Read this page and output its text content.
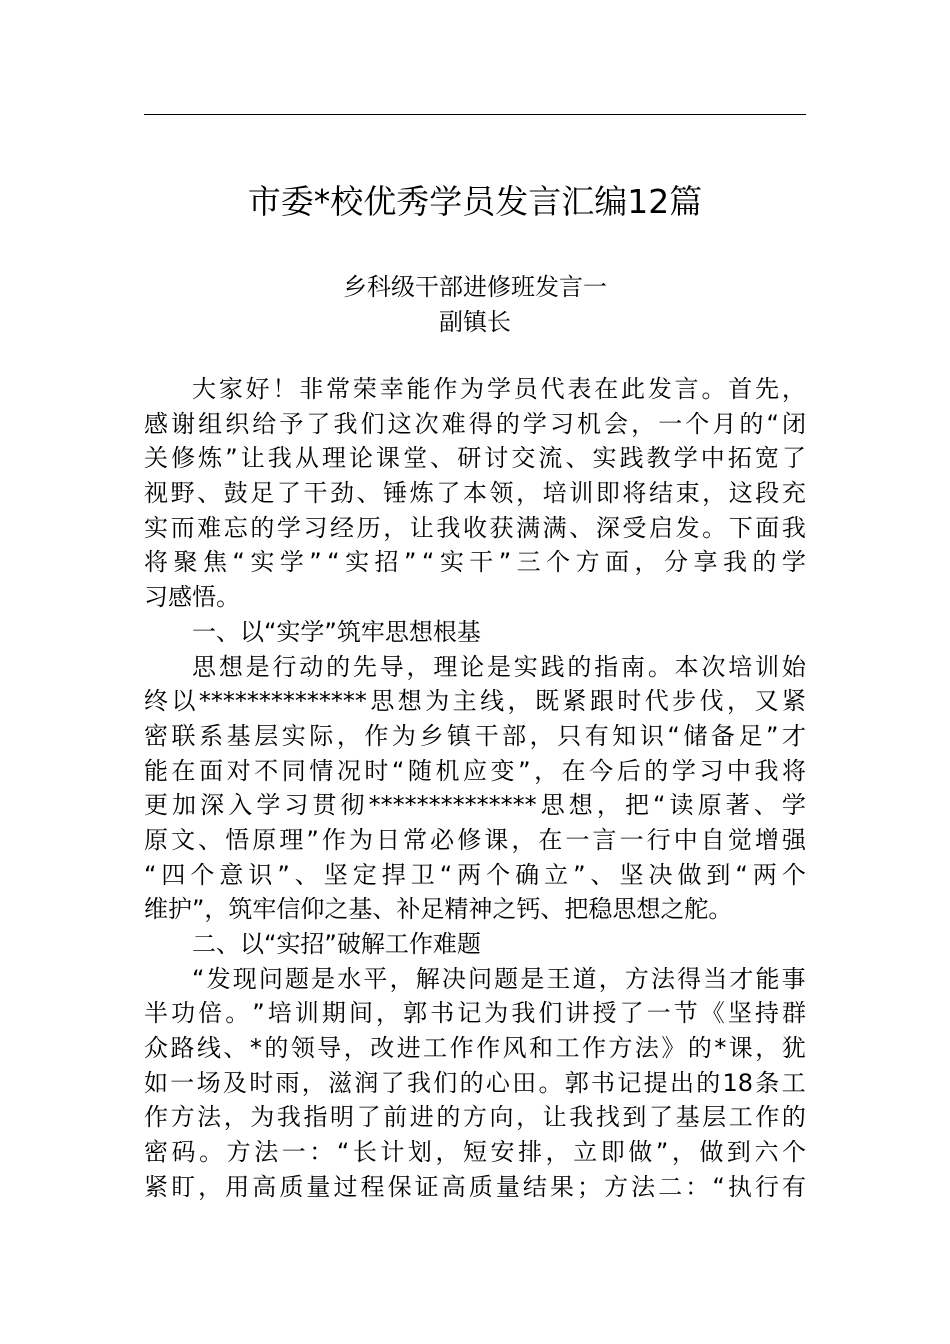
市委*校优秀学员发言汇编12篇
乡科级干部进修班发言一
副镇长
大 家 好 ！ 非 常 荣 幸 能 作 为 学 员 代 表 在 此 发 言 。 首 先 ，
感 谢 组 织 给 予 了 我 们 这 次 难 得 的 学 习 机 会 ， 一 个 月 的 “ 闭
关 修 炼 ” 让 我 从 理 论 课 堂 、 研 讨 交 流 、 实 践 教 学 中 拓 宽 了
视 野 、 鼓 足 了 干 劲 、 锤 炼 了 本 领 ， 培 训 即 将 结 束 ， 这 段 充
实 而 难 忘 的 学 习 经 历 ， 让 我 收 获 满 满 、 深 受 启 发 。 下 面 我
将 聚 焦 “ 实 学 ” “ 实 招 ” “ 实 干 ” 三 个 方 面 ， 分 享 我 的 学
习感悟。
一、以“实学”筑牢思想根基
思 想 是 行 动 的 先 导 ， 理 论 是 实 践 的 指 南 。 本 次 培 训 始
终 以 ************** 思 想 为 主 线 ， 既 紧 跟 时 代 步 伐 ， 又 紧
密 联 系 基 层 实 际 ， 作 为 乡 镇 干 部 ， 只 有 知 识 “ 储 备 足 ” 才
能 在 面 对 不 同 情 况 时 “ 随 机 应 变 ” ， 在 今 后 的 学 习 中 我 将
更 加 深 入 学 习 贯 彻 ************** 思 想 ， 把 “ 读 原 著 、 学
原 文 、 悟 原 理 ” 作 为 日 常 必 修 课 ， 在 一 言 一 行 中 自 觉 增 强
“ 四 个 意 识 ” 、 坚 定 捍 卫 “ 两 个 确 立 ” 、 坚 决 做 到 “ 两 个
维护”，筑牢信仰之基、补足精神之钙、把稳思想之舵。
二、以“实招”破解工作难题
“ 发 现 问 题 是 水 平 ， 解 决 问 题 是 王 道 ， 方 法 得 当 才 能 事
半 功 倍 。 ” 培 训 期 间 ， 郭 书 记 为 我 们 讲 授 了 一 节 《 坚 持 群
众 路 线 、 * 的 领 导 ， 改 进 工 作 作 风 和 工 作 方 法 》 的 * 课 ， 犹
如 一 场 及 时 雨 ， 滋 润 了 我 们 的 心 田 。 郭 书 记 提 出 的 18 条 工
作 方 法 ， 为 我 指 明 了 前 进 的 方 向 ， 让 我 找 到 了 基 层 工 作 的
密 码 。 方 法 一 ： “ 长 计 划 ， 短 安 排 ， 立 即 做 ” ， 做 到 六 个
紧 盯 ， 用 高 质 量 过 程 保 证 高 质 量 结 果 ； 方 法 二 ： “ 执 行 有
